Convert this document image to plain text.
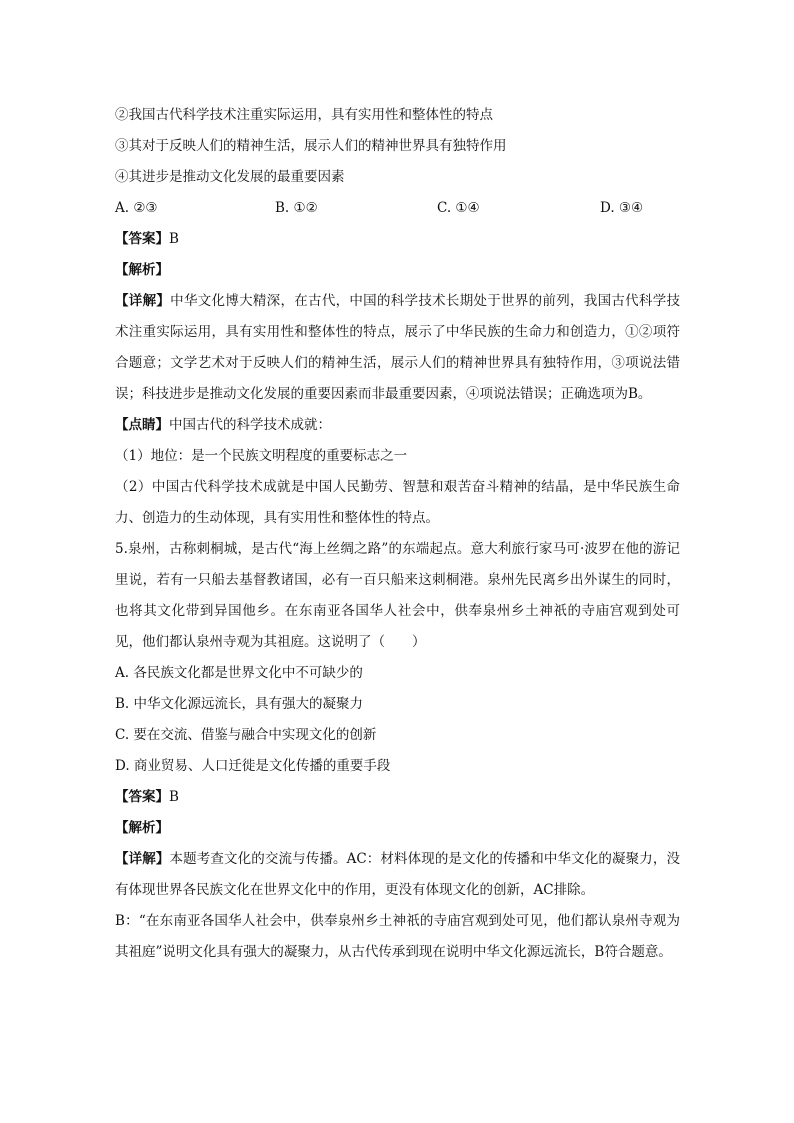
②我国古代科学技术注重实际运用，具有实用性和整体性的特点
③其对于反映人们的精神生活，展示人们的精神世界具有独特作用
④其进步是推动文化发展的最重要因素
A. ②③	B. ①②	C. ①④	D. ③④
【答案】B
【解析】
【详解】中华文化博大精深，在古代，中国的科学技术长期处于世界的前列，我国古代科学技术注重实际运用，具有实用性和整体性的特点，展示了中华民族的生命力和创造力，①②项符合题意；文学艺术对于反映人们的精神生活，展示人们的精神世界具有独特作用，③项说法错误；科技进步是推动文化发展的重要因素而非最重要因素，④项说法错误；正确选项为B。
【点睛】中国古代的科学技术成就：
（1）地位：是一个民族文明程度的重要标志之一
（2）中国古代科学技术成就是中国人民勤劳、智慧和艰苦奋斗精神的结晶，是中华民族生命力、创造力的生动体现，具有实用性和整体性的特点。
5.泉州，古称刺桐城，是古代“海上丝绸之路”的东端起点。意大利旅行家马可·波罗在他的游记里说，若有一只船去基督教诸国，必有一百只船来这刺桐港。泉州先民离乡出外谋生的同时，也将其文化带到异国他乡。在东南亚各国华人社会中，供奉泉州乡土神祇的寺庙宫观到处可见，他们都认泉州寺观为其祖庭。这说明了（　　）
A. 各民族文化都是世界文化中不可缺少的
B. 中华文化源远流长，具有强大的凝聚力
C. 要在交流、借鉴与融合中实现文化的创新
D. 商业贸易、人口迁徙是文化传播的重要手段
【答案】B
【解析】
【详解】本题考查文化的交流与传播。AC：材料体现的是文化的传播和中华文化的凝聚力，没有体现世界各民族文化在世界文化中的作用，更没有体现文化的创新，AC排除。
B：“在东南亚各国华人社会中，供奉泉州乡土神祇的寺庙宫观到处可见，他们都认泉州寺观为其祖庭”说明文化具有强大的凝聚力，从古代传承到现在说明中华文化源远流长，B符合题意。
